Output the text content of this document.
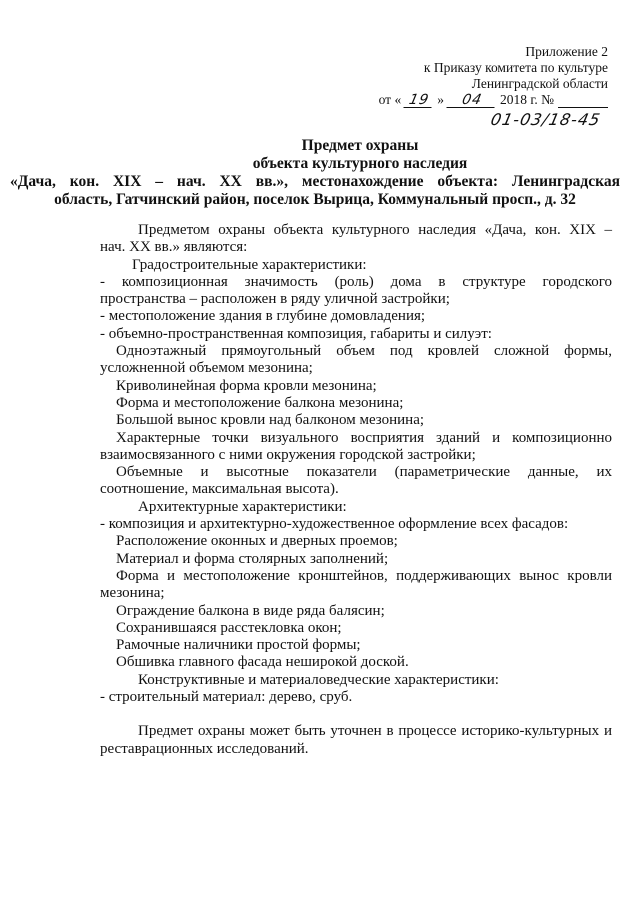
Приложение 2
к Приказу комитета по культуре
Ленинградской области
от « 19 »	04	2018 г. №
01-03/18-45
Предмет охраны
объекта культурного наследия
«Дача, кон. XIX – нач. XX вв.», местонахождение объекта: Ленинградская
область, Гатчинский район, поселок Вырица, Коммунальный просп., д. 32

Предметом охраны объекта культурного наследия «Дача, кон. XIX –

нач. XX вв.» являются:

Градостроительные характеристики:

- композиционная значимость (роль) дома в структуре городского

пространства – расположен в ряду уличной застройки;

- местоположение здания в глубине домовладения;

- объемно-пространственная композиция, габариты и силуэт:

Одноэтажный прямоугольный объем под кровлей сложной формы,

усложненной объемом мезонина;

Криволинейная форма кровли мезонина;

Форма и местоположение балкона мезонина;

Большой вынос кровли над балконом мезонина;

Характерные точки визуального восприятия зданий и композиционно

взаимосвязанного с ними окружения городской застройки;

Объемные и высотные показатели (параметрические данные, их

соотношение, максимальная высота).

Архитектурные характеристики:

- композиция и архитектурно-художественное оформление всех фасадов:

Расположение оконных и дверных проемов;

Материал и форма столярных заполнений;

Форма и местоположение кронштейнов, поддерживающих вынос кровли

мезонина;

Ограждение балкона в виде ряда балясин;

Сохранившаяся расстекловка окон;

Рамочные наличники простой формы;

Обшивка главного фасада неширокой доской.

Конструктивные и материаловедческие характеристики:

- строительный материал: дерево, сруб.

Предмет охраны может быть уточнен в процессе историко-культурных и

реставрационных исследований.
